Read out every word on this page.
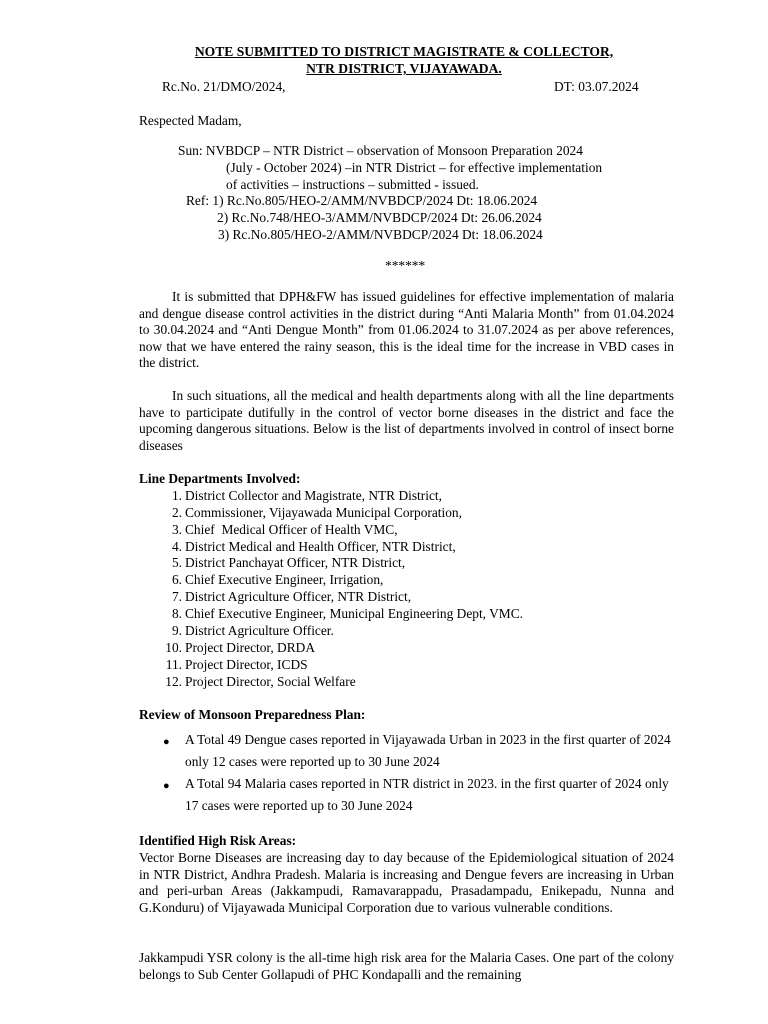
NOTE SUBMITTED TO DISTRICT MAGISTRATE & COLLECTOR,
NTR DISTRICT, VIJAYAWADA.
Rc.No. 21/DMO/2024,	DT: 03.07.2024
Respected Madam,
Sun: NVBDCP – NTR District – observation of Monsoon Preparation 2024
(July - October 2024) –in NTR District – for effective implementation
of activities – instructions – submitted - issued.
Ref: 1) Rc.No.805/HEO-2/AMM/NVBDCP/2024 Dt: 18.06.2024
2) Rc.No.748/HEO-3/AMM/NVBDCP/2024 Dt: 26.06.2024
3) Rc.No.805/HEO-2/AMM/NVBDCP/2024 Dt: 18.06.2024
******
It is submitted that DPH&FW has issued guidelines for effective implementation of malaria and dengue disease control activities in the district during “Anti Malaria Month” from 01.04.2024 to 30.04.2024 and “Anti Dengue Month” from 01.06.2024 to 31.07.2024 as per above references, now that we have entered the rainy season, this is the ideal time for the increase in VBD cases in the district.
In such situations, all the medical and health departments along with all the line departments have to participate dutifully in the control of vector borne diseases in the district and face the upcoming dangerous situations. Below is the list of departments involved in control of insect borne diseases
Line Departments Involved:
1. District Collector and Magistrate, NTR District,
2. Commissioner, Vijayawada Municipal Corporation,
3. Chief  Medical Officer of Health VMC,
4. District Medical and Health Officer, NTR District,
5. District Panchayat Officer, NTR District,
6. Chief Executive Engineer, Irrigation,
7. District Agriculture Officer, NTR District,
8. Chief Executive Engineer, Municipal Engineering Dept, VMC.
9. District Agriculture Officer.
10. Project Director, DRDA
11. Project Director, ICDS
12. Project Director, Social Welfare
Review of Monsoon Preparedness Plan:
● A Total 49 Dengue cases reported in Vijayawada Urban in 2023 in the first quarter of 2024 only 12 cases were reported up to 30 June 2024
● A Total 94 Malaria cases reported in NTR district in 2023. in the first quarter of 2024 only 17 cases were reported up to 30 June 2024
Identified High Risk Areas:
Vector Borne Diseases are increasing day to day because of the Epidemiological situation of 2024 in NTR District, Andhra Pradesh. Malaria is increasing and Dengue fevers are increasing in Urban and peri-urban Areas (Jakkampudi, Ramavarappadu, Prasadampadu, Enikepadu, Nunna and G.Konduru) of Vijayawada Municipal Corporation due to various vulnerable conditions.
Jakkampudi YSR colony is the all-time high risk area for the Malaria Cases. One part of the colony belongs to Sub Center Gollapudi of PHC Kondapalli and the remaining
